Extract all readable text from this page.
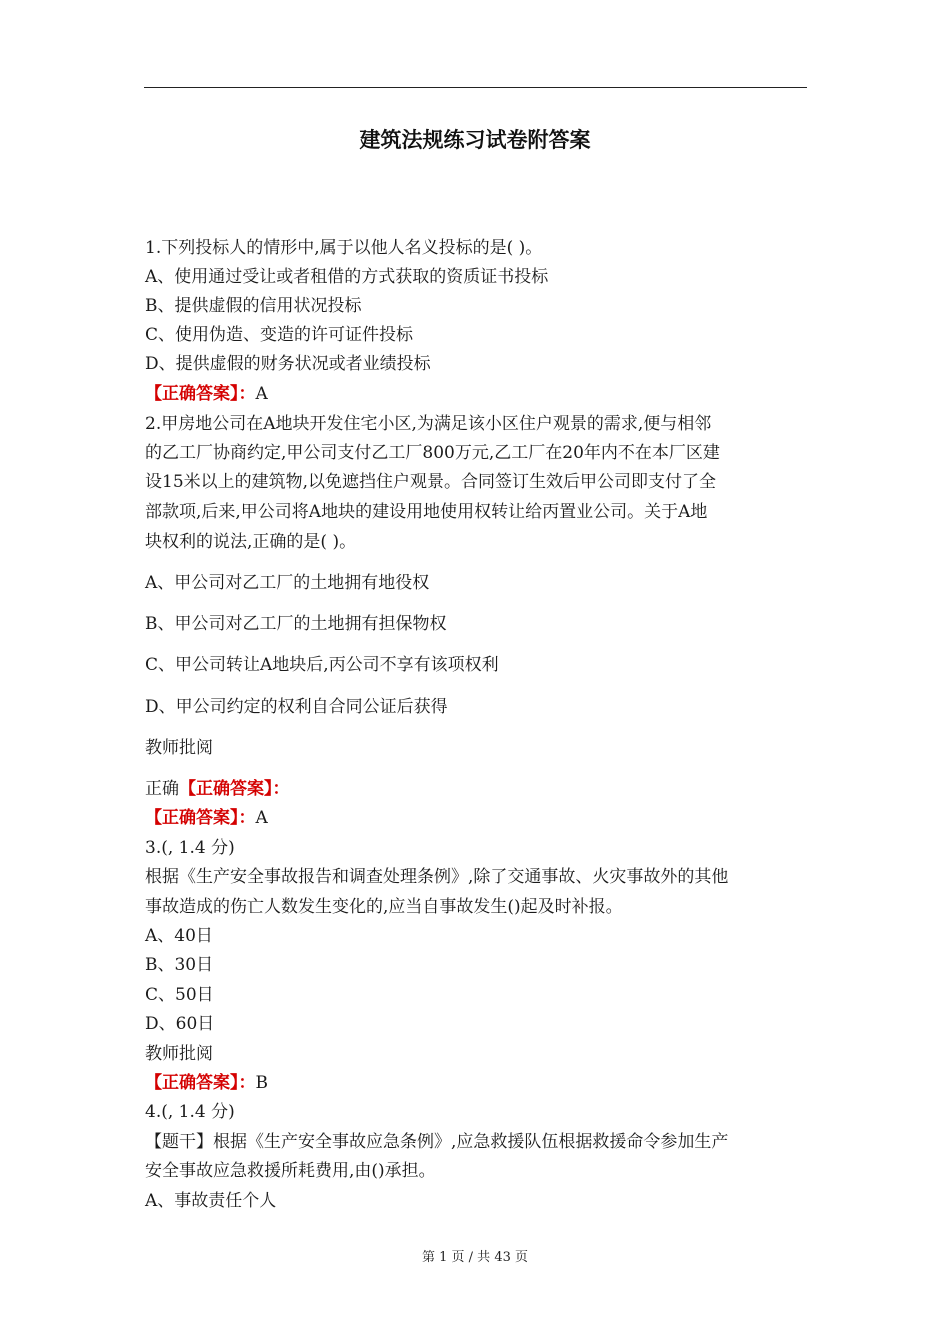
建筑法规练习试卷附答案
1.下列投标人的情形中,属于以他人名义投标的是( )。
A、使用通过受让或者租借的方式获取的资质证书投标
B、提供虚假的信用状况投标
C、使用伪造、变造的许可证件投标
D、提供虚假的财务状况或者业绩投标
【正确答案】：A
2.甲房地公司在A地块开发住宅小区,为满足该小区住户观景的需求,便与相邻
的乙工厂协商约定,甲公司支付乙工厂800万元,乙工厂在20年内不在本厂区建
设15米以上的建筑物,以免遮挡住户观景。合同签订生效后甲公司即支付了全
部款项,后来,甲公司将A地块的建设用地使用权转让给丙置业公司。关于A地
块权利的说法,正确的是( )。
A、甲公司对乙工厂的土地拥有地役权
B、甲公司对乙工厂的土地拥有担保物权
C、甲公司转让A地块后,丙公司不享有该项权利
D、甲公司约定的权利自合同公证后获得
教师批阅
正确【正确答案】：
【正确答案】：A
3.(, 1.4 分)
根据《生产安全事故报告和调查处理条例》,除了交通事故、火灾事故外的其他
事故造成的伤亡人数发生变化的,应当自事故发生()起及时补报。
A、40日
B、30日
C、50日
D、60日
教师批阅
【正确答案】：B
4.(, 1.4 分)
【题干】根据《生产安全事故应急条例》,应急救援队伍根据救援命令参加生产
安全事故应急救援所耗费用,由()承担。
A、事故责任个人
第 1 页 / 共 43 页
